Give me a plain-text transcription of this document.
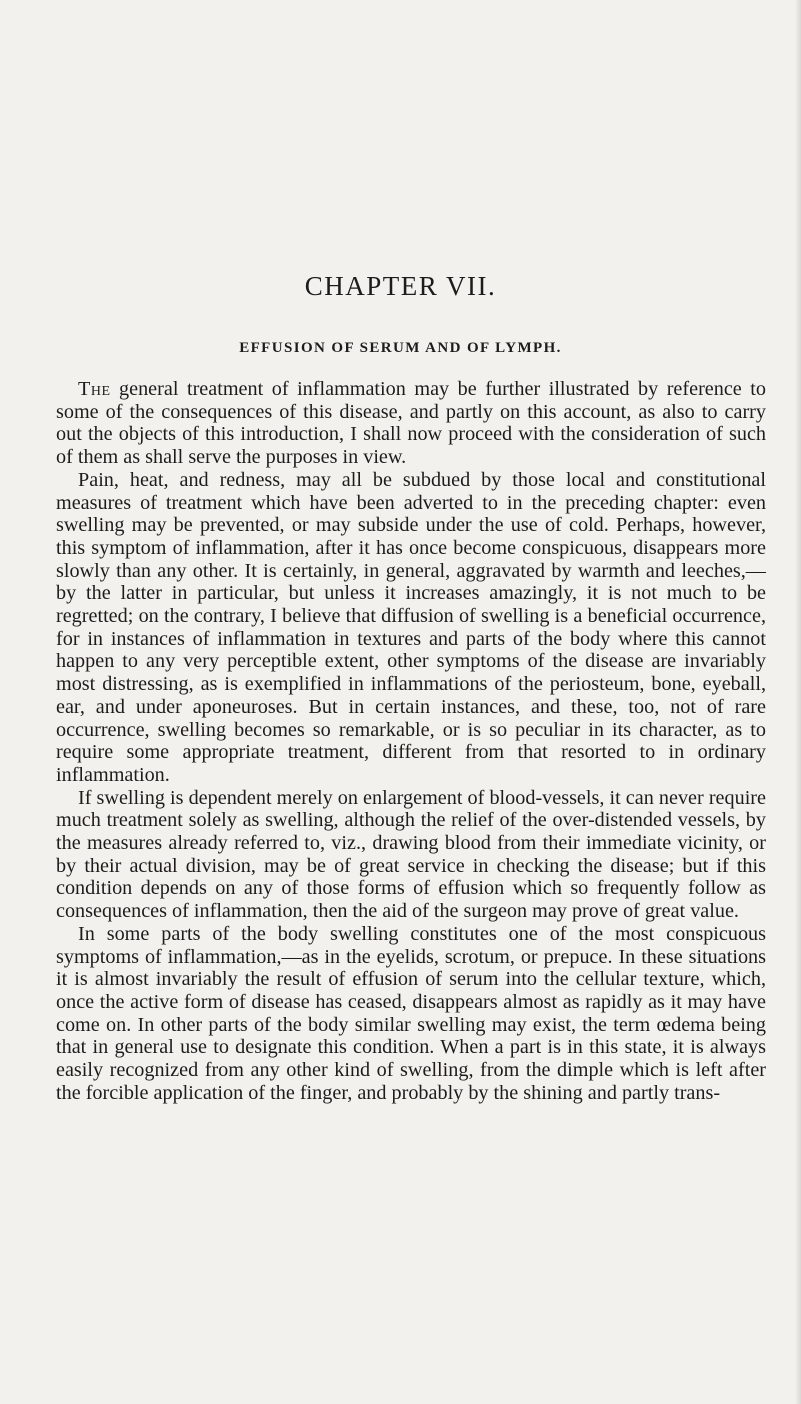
CHAPTER VII.
EFFUSION OF SERUM AND OF LYMPH.

The general treatment of inflammation may be further illustrated by reference to some of the consequences of this disease, and partly on this account, as also to carry out the objects of this introduction, I shall now proceed with the consideration of such of them as shall serve the purposes in view.

Pain, heat, and redness, may all be subdued by those local and constitutional measures of treatment which have been adverted to in the preceding chapter: even swelling may be prevented, or may subside under the use of cold. Perhaps, however, this symptom of inflammation, after it has once become conspicuous, disappears more slowly than any other. It is certainly, in general, aggravated by warmth and leeches,—by the latter in particular, but unless it increases amazingly, it is not much to be regretted; on the contrary, I believe that diffusion of swelling is a beneficial occurrence, for in instances of inflammation in textures and parts of the body where this cannot happen to any very perceptible extent, other symptoms of the disease are invariably most distressing, as is exemplified in inflammations of the periosteum, bone, eyeball, ear, and under aponeuroses. But in certain instances, and these, too, not of rare occurrence, swelling becomes so remarkable, or is so peculiar in its character, as to require some appropriate treatment, different from that resorted to in ordinary inflammation.

If swelling is dependent merely on enlargement of blood-vessels, it can never require much treatment solely as swelling, although the relief of the over-distended vessels, by the measures already referred to, viz., drawing blood from their immediate vicinity, or by their actual division, may be of great service in checking the disease; but if this condition depends on any of those forms of effusion which so frequently follow as consequences of inflammation, then the aid of the surgeon may prove of great value.

In some parts of the body swelling constitutes one of the most conspicuous symptoms of inflammation,—as in the eyelids, scrotum, or prepuce. In these situations it is almost invariably the result of effusion of serum into the cellular texture, which, once the active form of disease has ceased, disappears almost as rapidly as it may have come on. In other parts of the body similar swelling may exist, the term œdema being that in general use to designate this condition. When a part is in this state, it is always easily recognized from any other kind of swelling, from the dimple which is left after the forcible application of the finger, and probably by the shining and partly trans-
